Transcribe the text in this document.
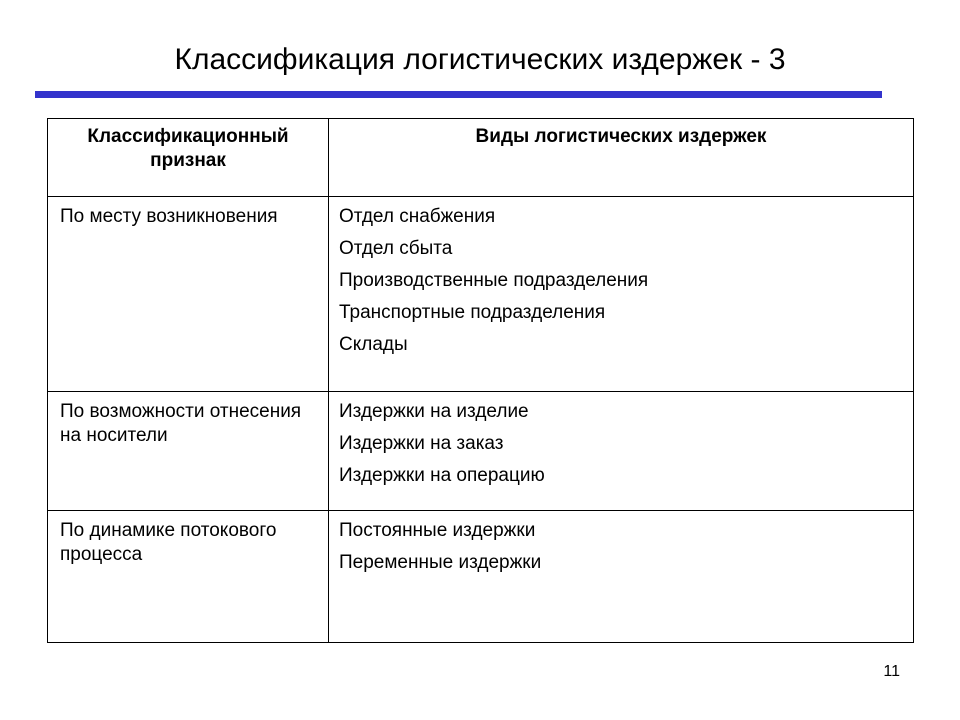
Классификация логистических издержек - 3
Классификационный признак	Виды логистических издержек
По месту возникновения	Отдел снабжения
Отдел сбыта
Производственные подразделения
Транспортные подразделения
Склады

По возможности отнесения на носители	Издержки на изделие
Издержки на заказ
Издержки на операцию

По динамике потокового процесса	Постоянные издержки
Переменные издержки
11
